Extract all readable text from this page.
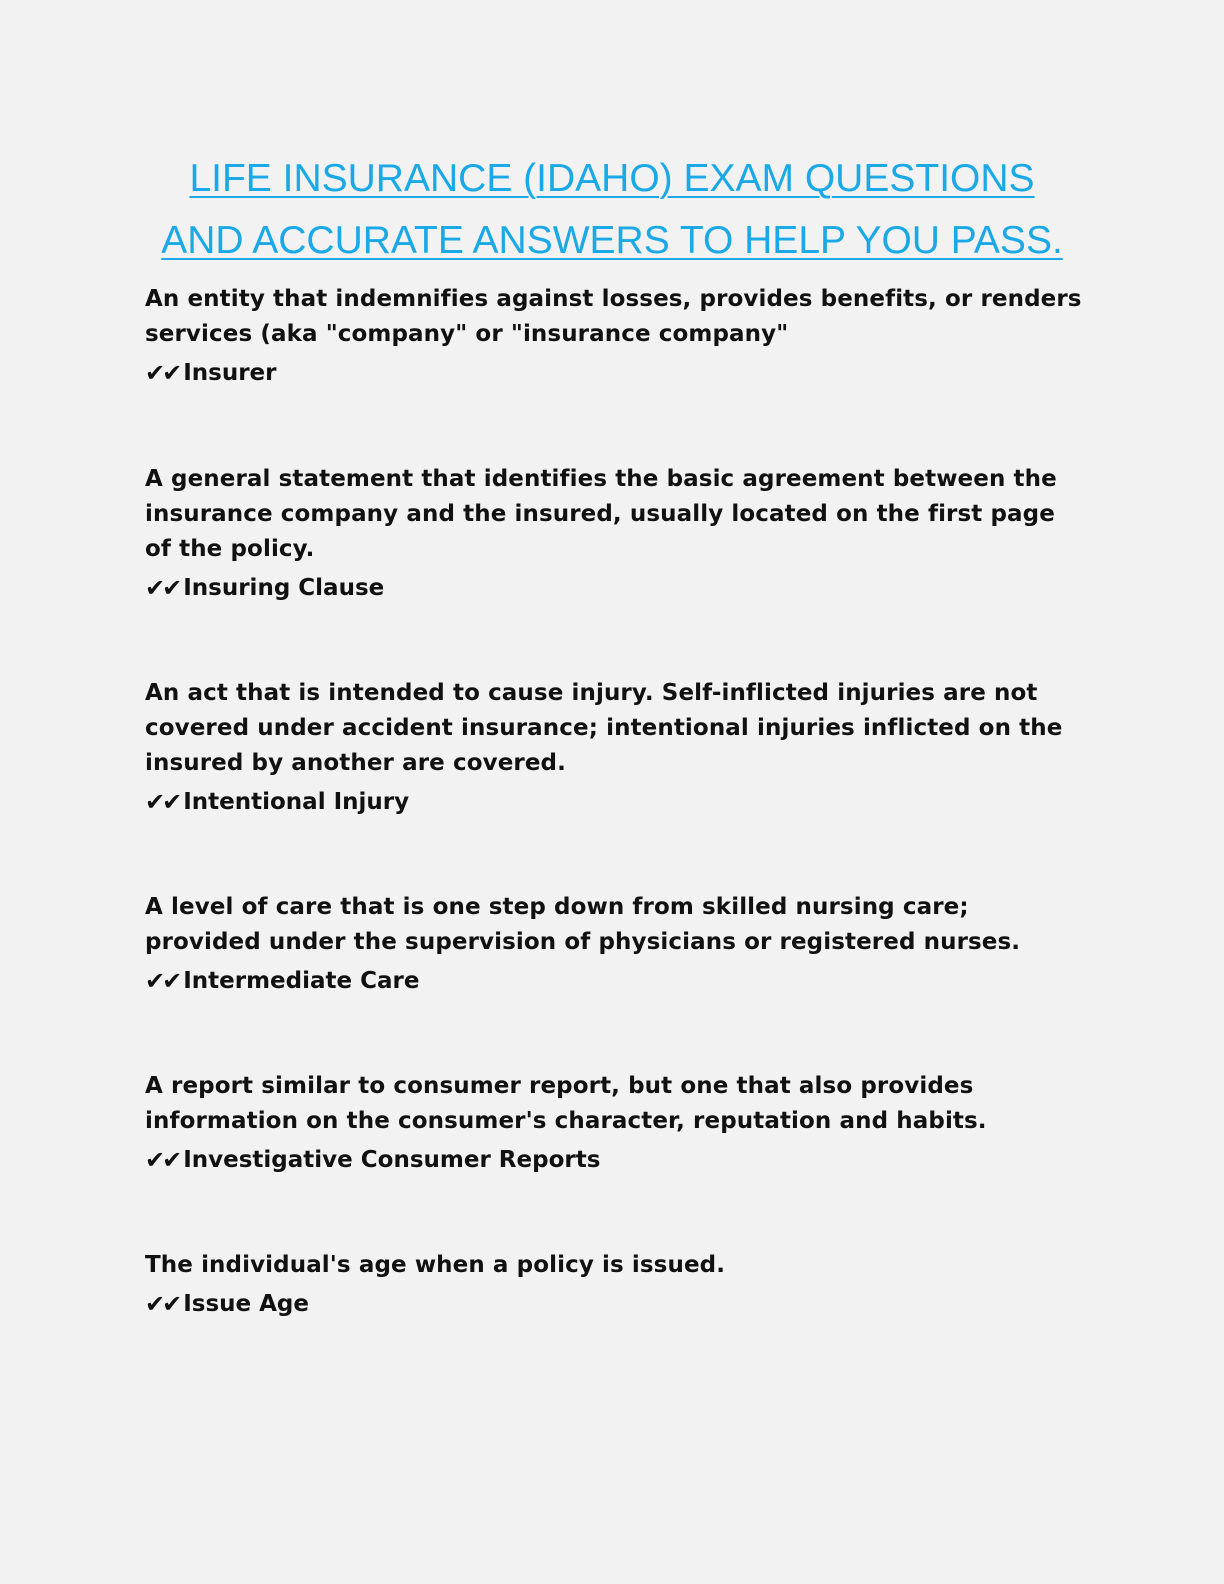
LIFE INSURANCE (IDAHO) EXAM QUESTIONS
AND ACCURATE ANSWERS TO HELP YOU PASS.

An entity that indemnifies against losses, provides benefits, or renders services (aka "company" or "insurance company"

✔✔ Insurer

A general statement that identifies the basic agreement between the insurance company and the insured, usually located on the first page of the policy.

✔✔ Insuring Clause

An act that is intended to cause injury. Self-inflicted injuries are not covered under accident insurance; intentional injuries inflicted on the insured by another are covered.

✔✔ Intentional Injury

A level of care that is one step down from skilled nursing care; provided under the supervision of physicians or registered nurses.

✔✔ Intermediate Care

A report similar to consumer report, but one that also provides information on the consumer's character, reputation and habits.

✔✔ Investigative Consumer Reports

The individual's age when a policy is issued.

✔✔ Issue Age
